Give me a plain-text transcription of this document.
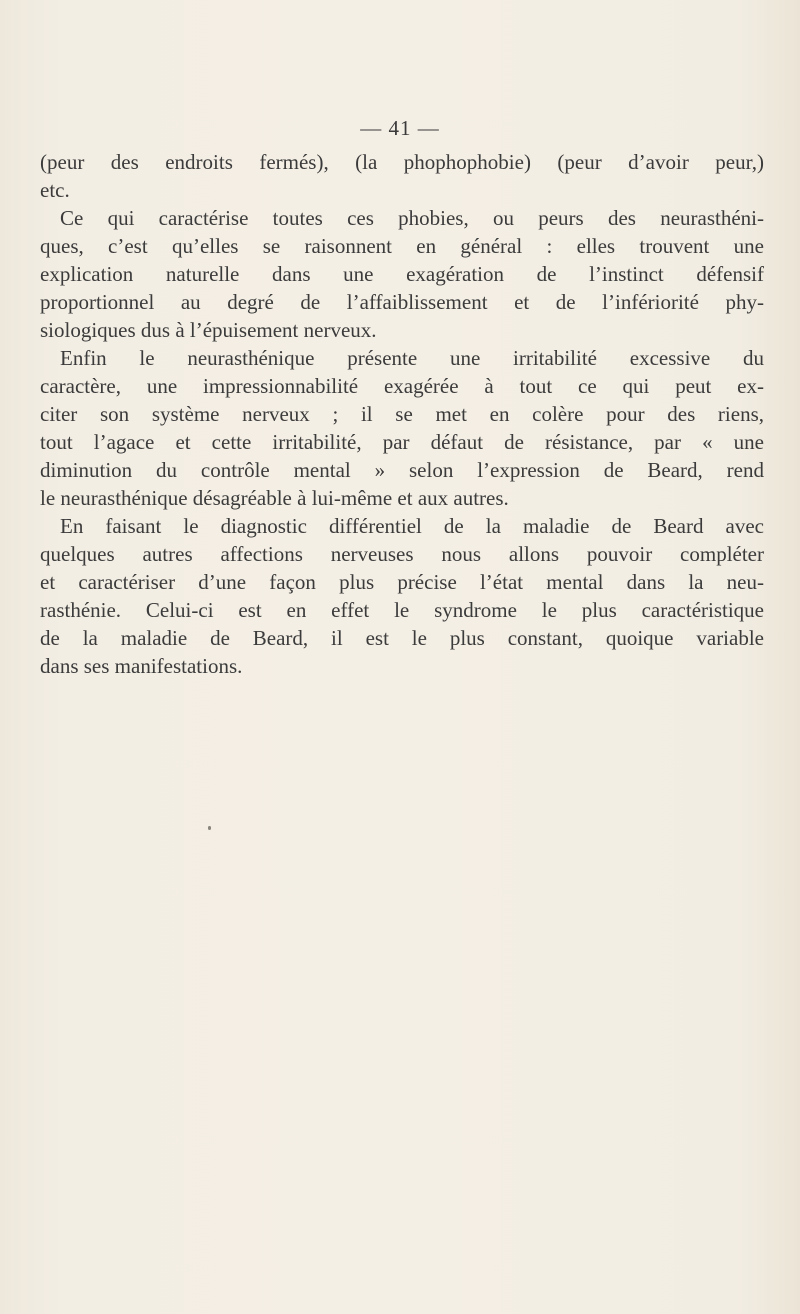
— 41 —
(peur des endroits fermés), (la phophophobie) (peur d’avoir peur,)
etc.
Ce qui caractérise toutes ces phobies, ou peurs des neurasthéni-
ques, c’est qu’elles se raisonnent en général : elles trouvent une
explication naturelle dans une exagération de l’instinct défensif
proportionnel au degré de l’affaiblissement et de l’infériorité phy-
siologiques dus à l’épuisement nerveux.
Enfin le neurasthénique présente une irritabilité excessive du
caractère, une impressionnabilité exagérée à tout ce qui peut ex-
citer son système nerveux ; il se met en colère pour des riens,
tout l’agace et cette irritabilité, par défaut de résistance, par « une
diminution du contrôle mental » selon l’expression de Beard, rend
le neurasthénique désagréable à lui-même et aux autres.
En faisant le diagnostic différentiel de la maladie de Beard avec
quelques autres affections nerveuses nous allons pouvoir compléter
et caractériser d’une façon plus précise l’état mental dans la neu-
rasthénie. Celui-ci est en effet le syndrome le plus caractéristique
de la maladie de Beard, il est le plus constant, quoique variable
dans ses manifestations.
